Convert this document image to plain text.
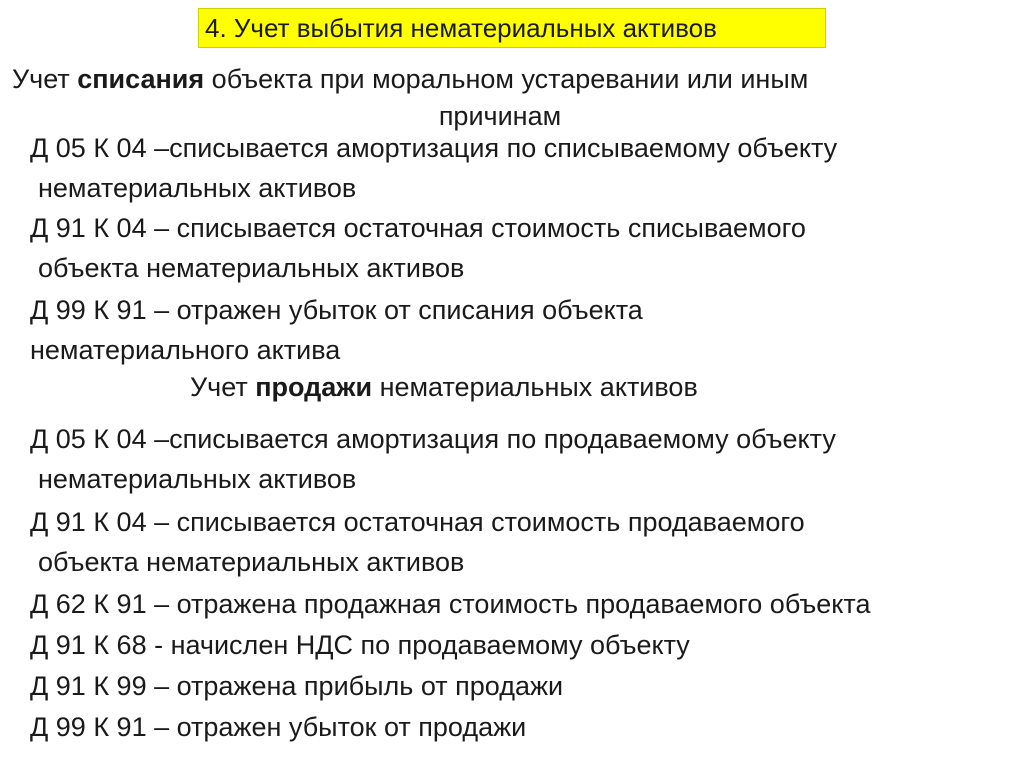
4. Учет выбытия нематериальных активов
Учет списания объекта при моральном устаревании или иным
причинам
Д 05 К 04 –списывается амортизация по списываемому объекту
нематериальных активов
Д 91 К 04 – списывается остаточная стоимость списываемого
объекта нематериальных активов
Д 99 К 91 – отражен убыток от списания объекта
нематериального актива
Учет продажи нематериальных активов
Д 05 К 04 –списывается амортизация по продаваемому объекту
нематериальных активов
Д 91 К 04 – списывается остаточная стоимость продаваемого
объекта нематериальных активов
Д 62 К 91 – отражена продажная стоимость продаваемого объекта
Д 91 К 68 - начислен НДС по продаваемому объекту
Д 91 К 99 – отражена прибыль от продажи
Д 99 К 91 – отражен убыток от продажи
